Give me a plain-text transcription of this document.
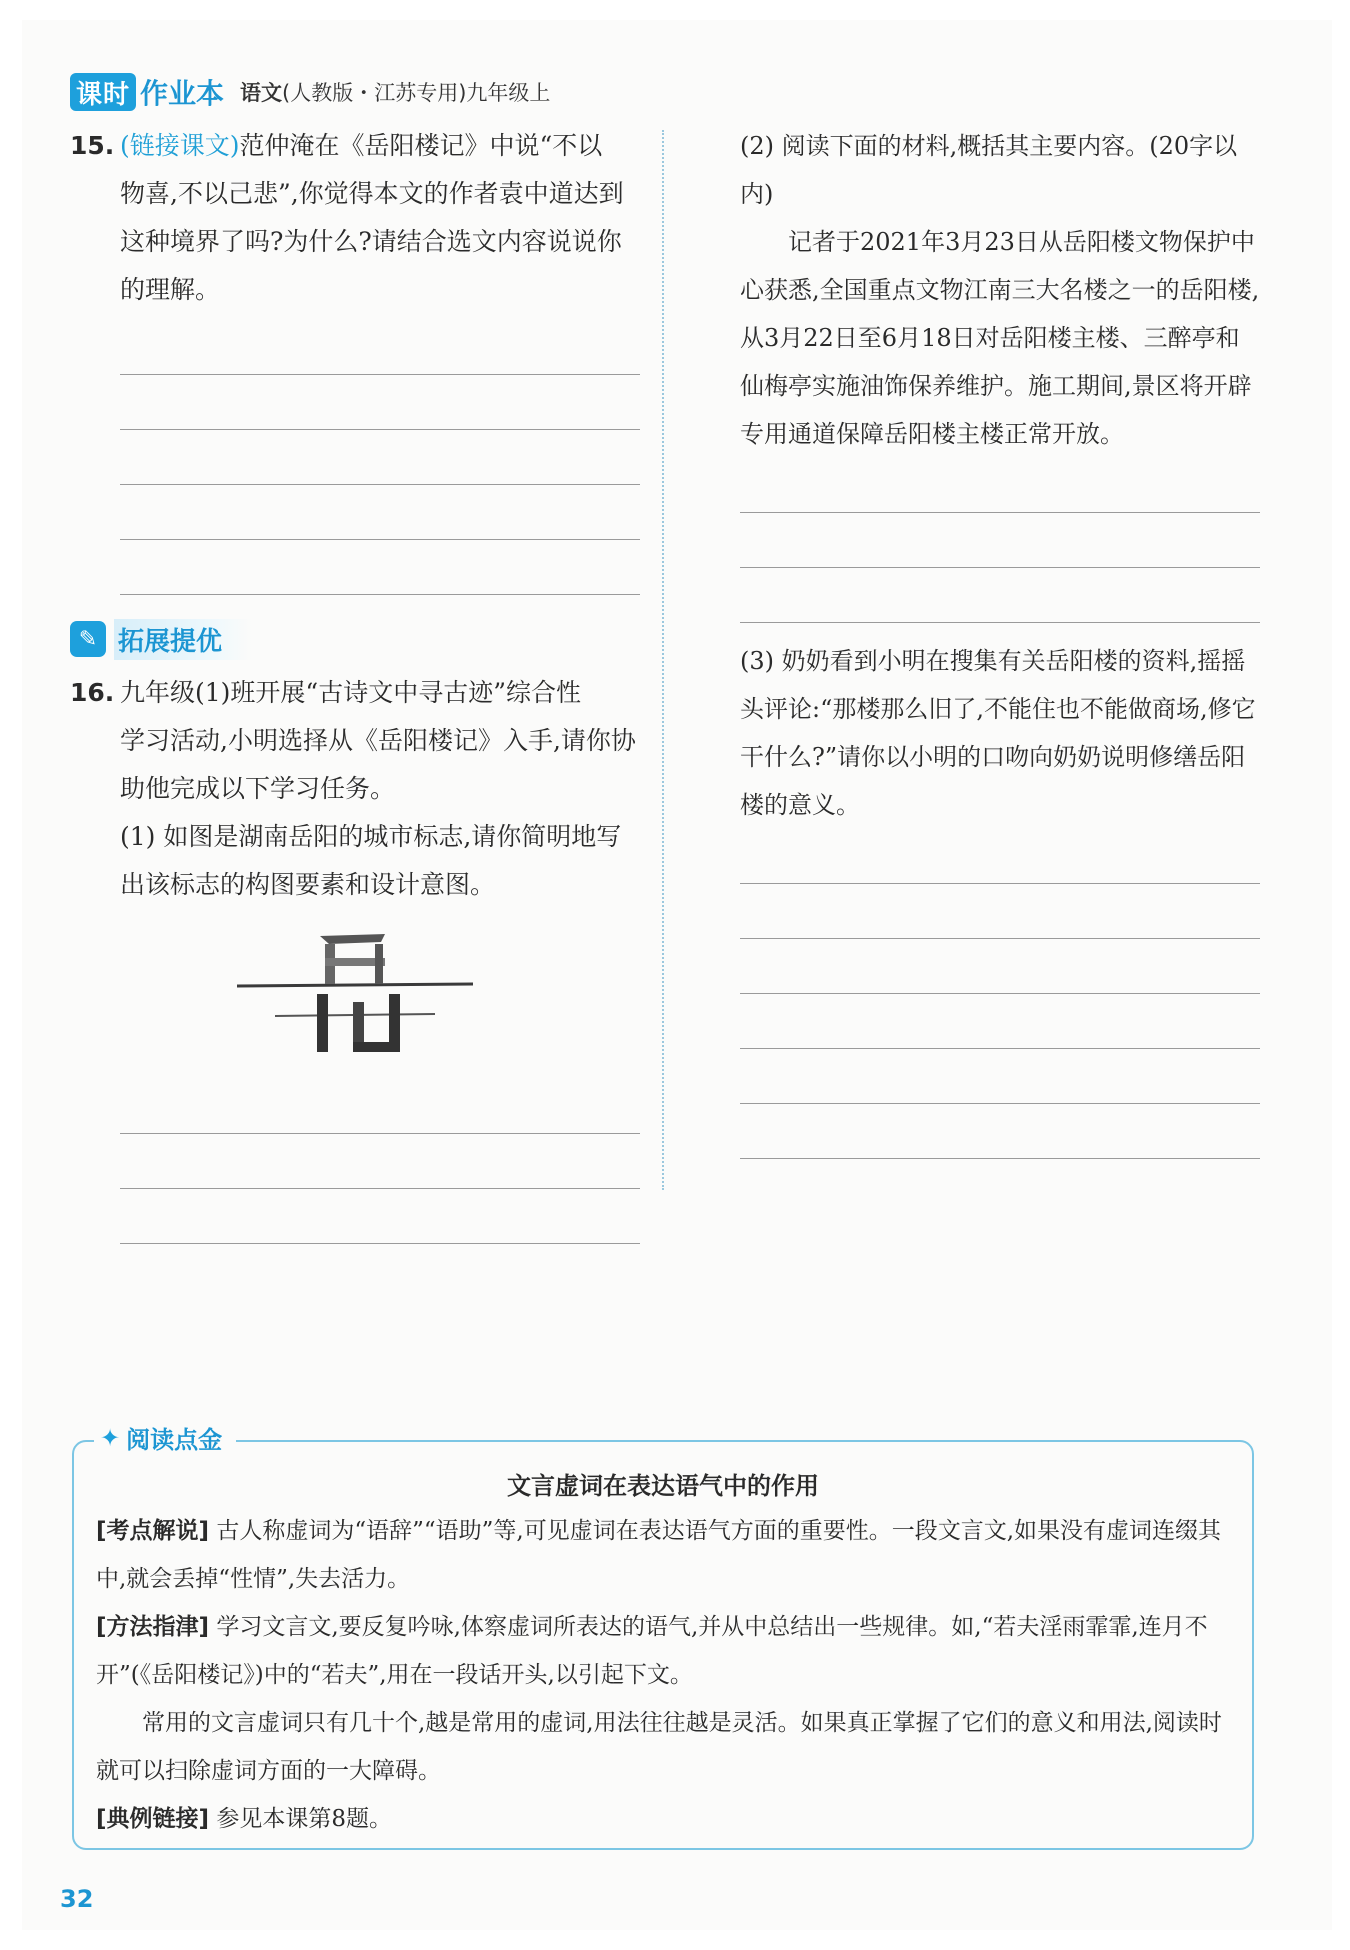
课时 作业本 语文(人教版・江苏专用)九年级上
15. (链接课文)范仲淹在《岳阳楼记》中说“不以
物喜,不以己悲”,你觉得本文的作者袁中道达到这种境界了吗?为什么?请结合选文内容说说你的理解。
✎ 拓展提优
16. 九年级(1)班开展“古诗文中寻古迹”综合性
学习活动,小明选择从《岳阳楼记》入手,请你协助他完成以下学习任务。
(1) 如图是湖南岳阳的城市标志,请你简明地写出该标志的构图要素和设计意图。
(2) 阅读下面的材料,概括其主要内容。(20字以内)
记者于2021年3月23日从岳阳楼文物保护中心获悉,全国重点文物江南三大名楼之一的岳阳楼,从3月22日至6月18日对岳阳楼主楼、三醉亭和仙梅亭实施油饰保养维护。施工期间,景区将开辟专用通道保障岳阳楼主楼正常开放。
(3) 奶奶看到小明在搜集有关岳阳楼的资料,摇摇头评论:“那楼那么旧了,不能住也不能做商场,修它干什么?”请你以小明的口吻向奶奶说明修缮岳阳楼的意义。
✦ 阅读点金
文言虚词在表达语气中的作用
[考点解说] 古人称虚词为“语辞”“语助”等,可见虚词在表达语气方面的重要性。一段文言文,如果没有虚词连缀其中,就会丢掉“性情”,失去活力。
[方法指津] 学习文言文,要反复吟咏,体察虚词所表达的语气,并从中总结出一些规律。如,“若夫淫雨霏霏,连月不开”(《岳阳楼记》)中的“若夫”,用在一段话开头,以引起下文。
常用的文言虚词只有几十个,越是常用的虚词,用法往往越是灵活。如果真正掌握了它们的意义和用法,阅读时就可以扫除虚词方面的一大障碍。
[典例链接] 参见本课第8题。
32
